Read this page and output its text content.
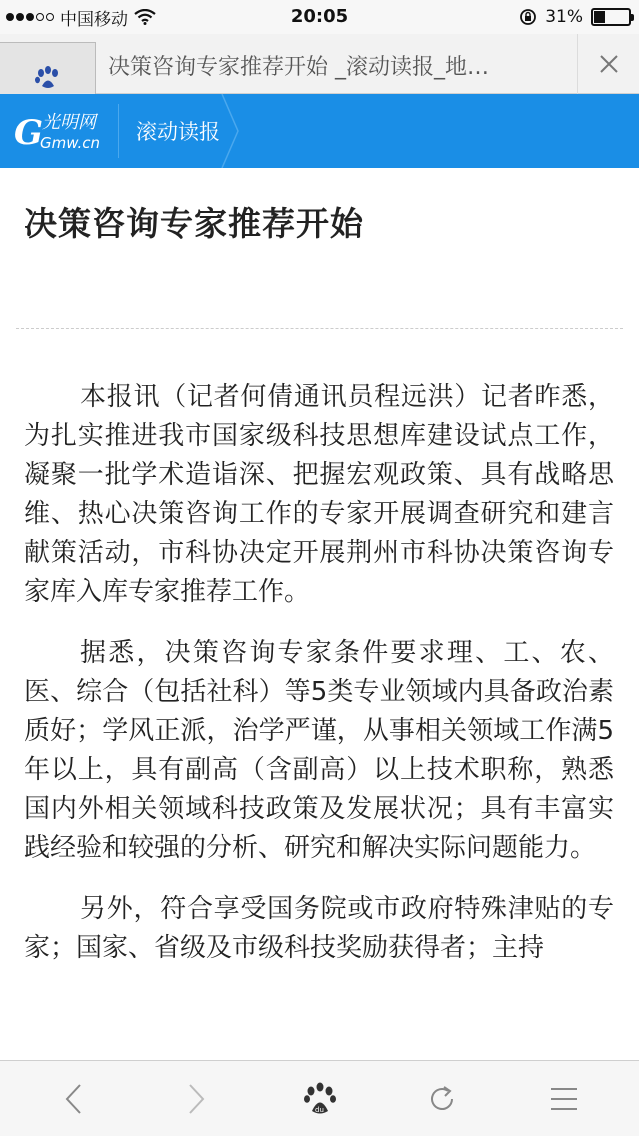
中国移动	20:05	31%
决策咨询专家推荐开始 _滚动读报_地…
G
光明网
Gmw.cn 滚动读报
决策咨询专家推荐开始

本报讯（记者何倩通讯员程远洪）记者昨悉，为扎实推进我市国家级科技思想库建设试点工作，凝聚一批学术造诣深、把握宏观政策、具有战略思维、热心决策咨询工作的专家开展调查研究和建言献策活动，市科协决定开展荆州市科协决策咨询专家库入库专家推荐工作。

据悉，决策咨询专家条件要求理、工、农、医、综合（包括社科）等5类专业领域内具备政治素质好；学风正派，治学严谨，从事相关领域工作满5年以上，具有副高（含副高）以上技术职称，熟悉国内外相关领域科技政策及发展状况；具有丰富实践经验和较强的分析、研究和解决实际问题能力。

另外，符合享受国务院或市政府特殊津贴的专家；国家、省级及市级科技奖励获得者；主持

du
